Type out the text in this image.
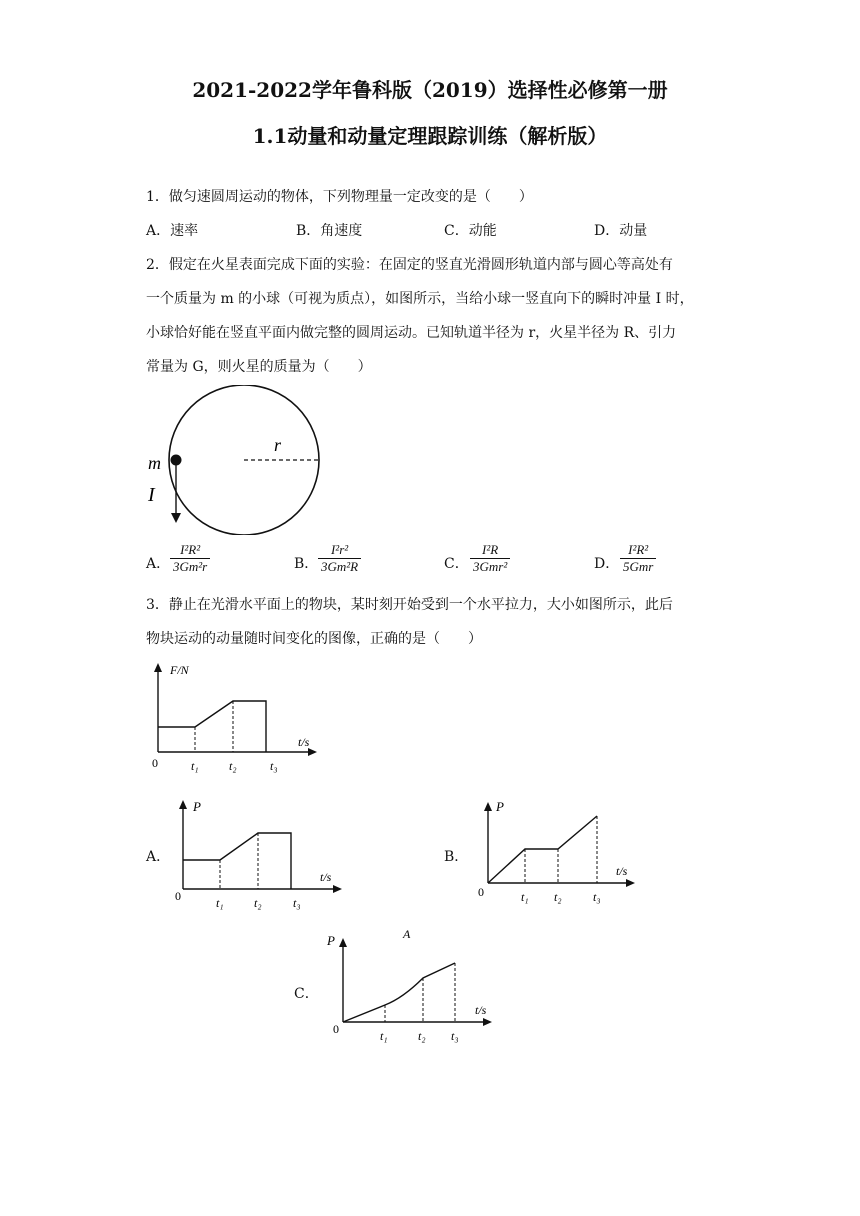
2021-2022学年鲁科版（2019）选择性必修第一册
1.1动量和动量定理跟踪训练（解析版）
1．做匀速圆周运动的物体，下列物理量一定改变的是（　　）
A．速率	B．角速度	C．动能	D．动量
2．假定在火星表面完成下面的实验：在固定的竖直光滑圆形轨道内部与圆心等高处有
一个质量为 m 的小球（可视为质点），如图所示，当给小球一竖直向下的瞬时冲量 I 时，
小球恰好能在竖直平面内做完整的圆周运动。已知轨道半径为 r，火星半径为 R、引力
常量为 G，则火星的质量为（　　）
r
m
I
A． $\frac{\text{I²R²}}{\text{3Gm²r}}$	B． $\frac{\text{I²r²}}{\text{3Gm²R}}$	C．
I²R
3Gmr²	D．
I²R²
5Gmr
3．静止在光滑水平面上的物块，某时刻开始受到一个水平拉力，大小如图所示，此后
物块运动的动量随时间变化的图像，正确的是（　　）
F/N
t/s
0	t₁	t₂	t₃
A．
P
t/s
0	t₁	t₂	t₃
B．
P
t/s
0	t₁ t₂	t₃
C．
A
P
t/s
0	t₁	t₂ t₃
